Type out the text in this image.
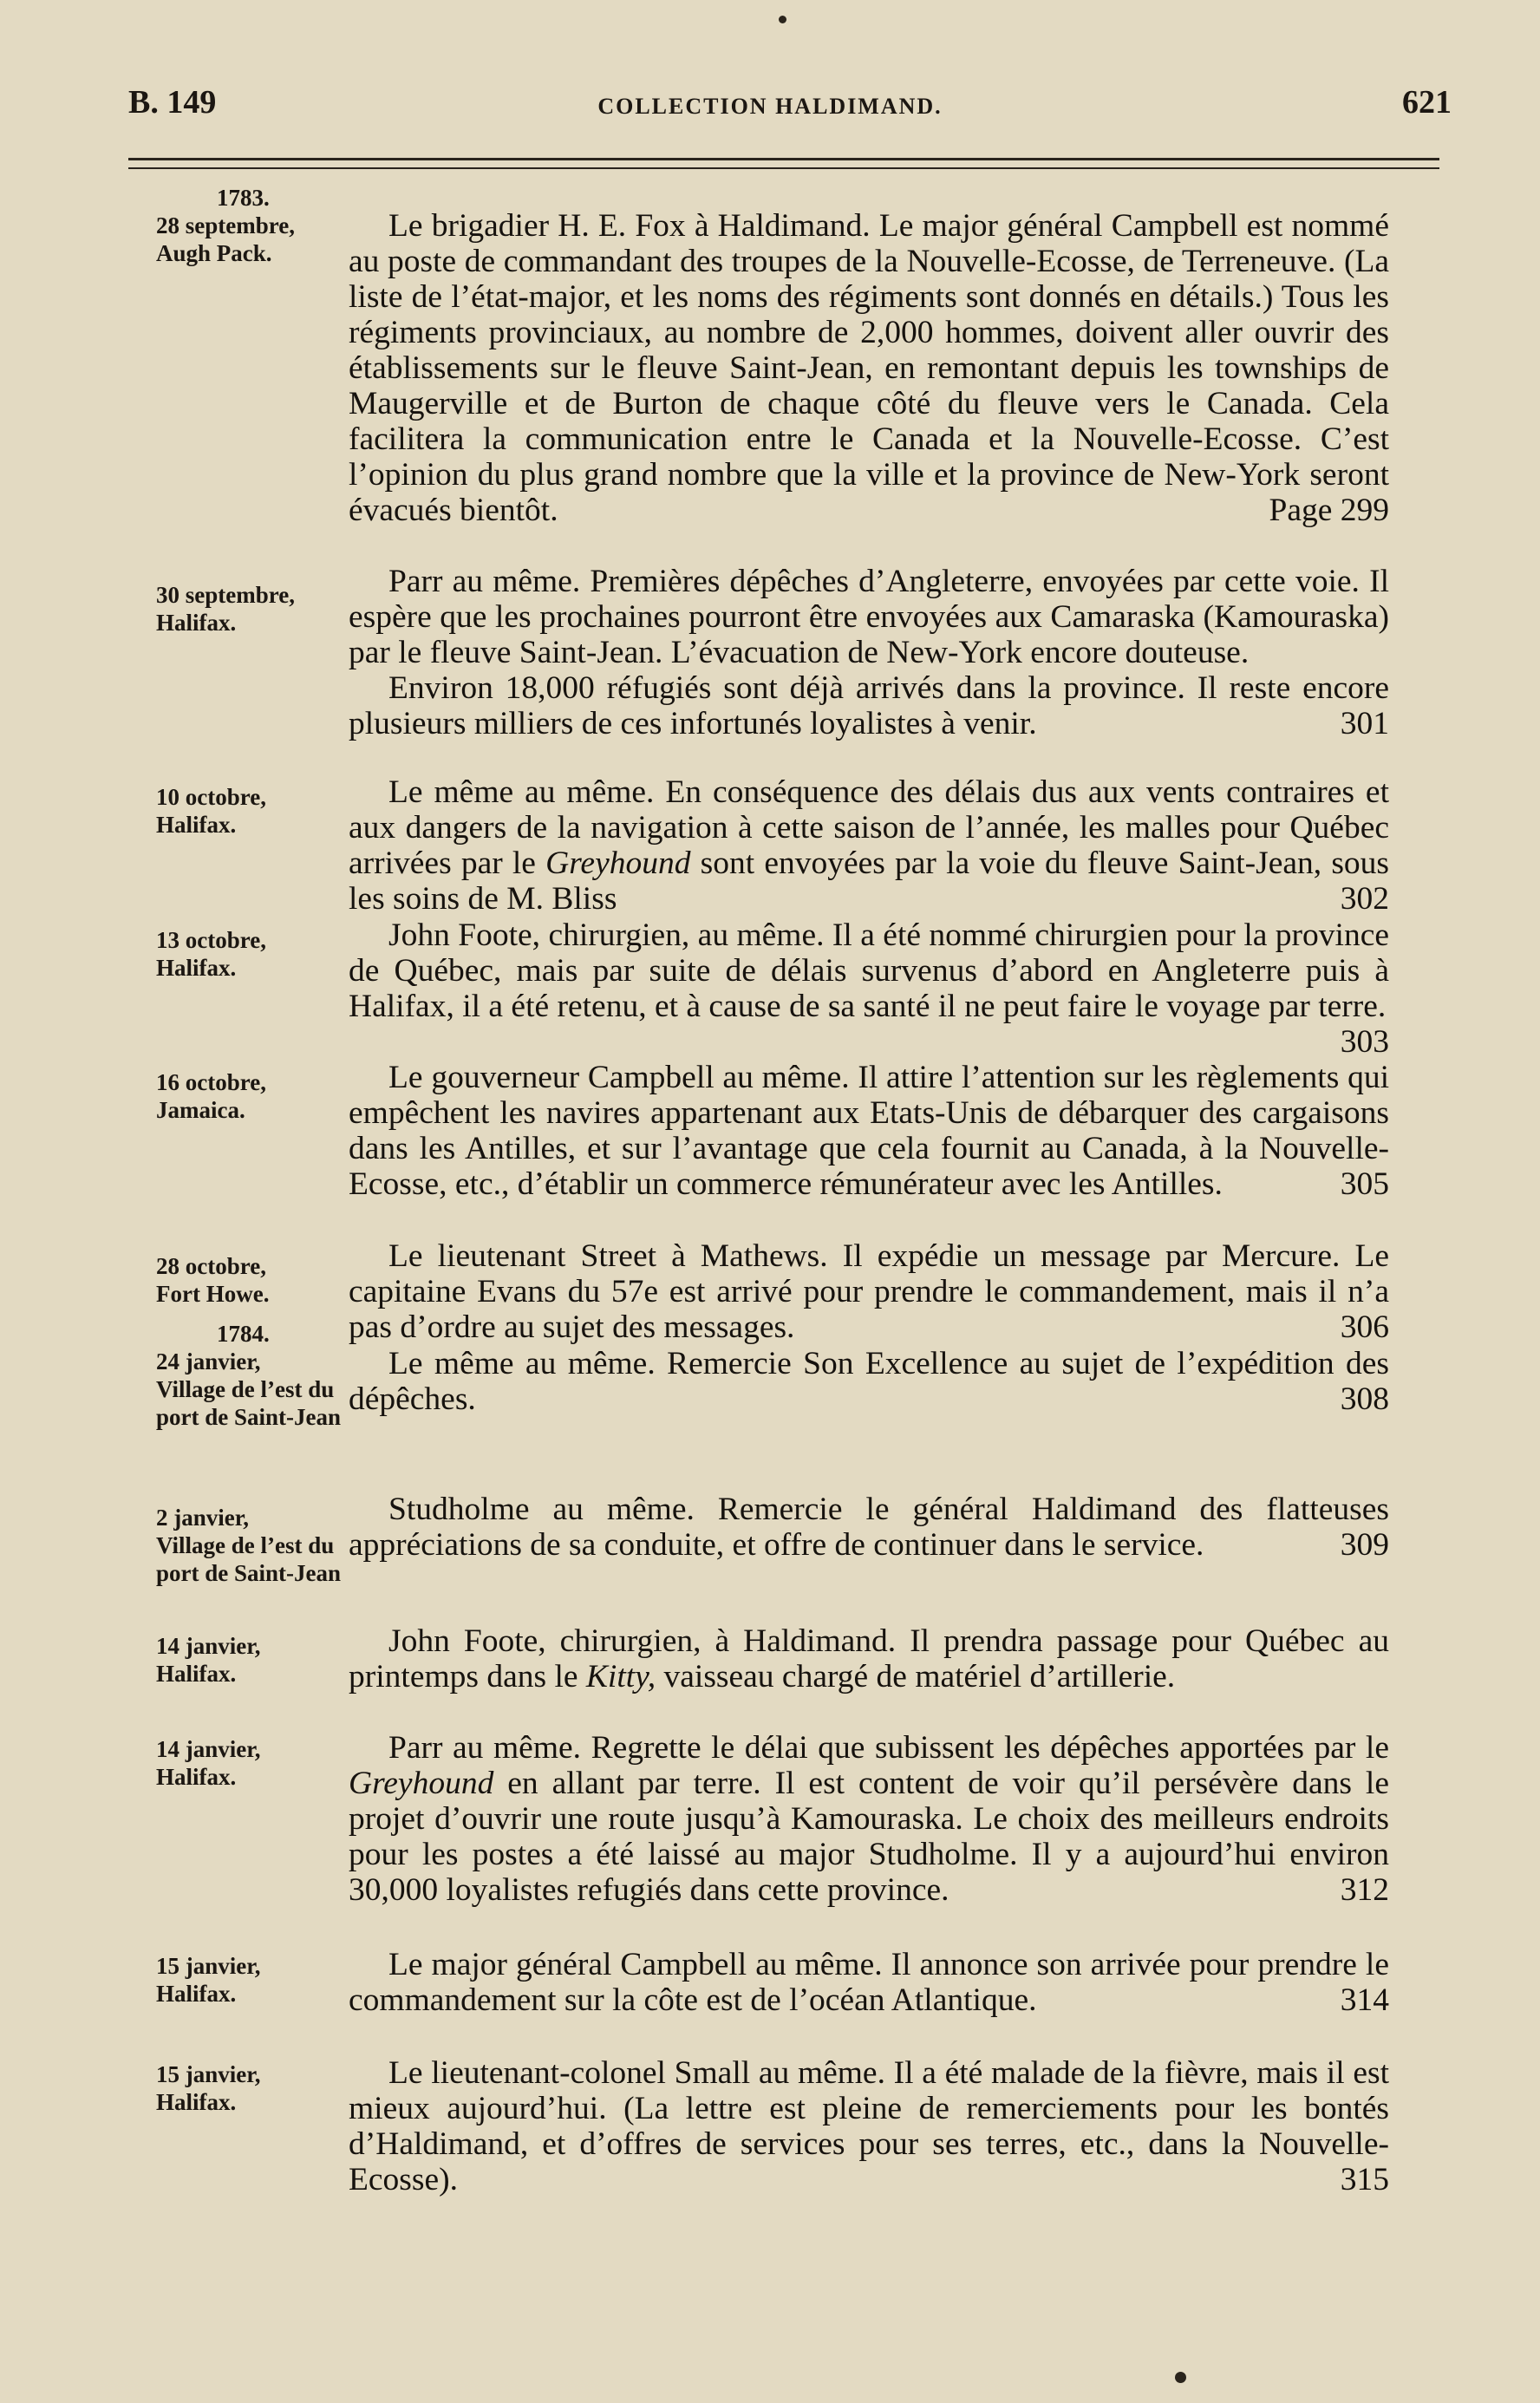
B. 149	COLLECTION HALDIMAND.	621
1783.
28 septembre,
Augh Pack.

Le brigadier H. E. Fox à Haldimand. Le major général Campbell est nommé au poste de commandant des troupes de la Nouvelle-Ecosse, de Terreneuve. (La liste de l’état-major, et les noms des régiments sont donnés en détails.) Tous les régiments provinciaux, au nombre de 2,000 hommes, doivent aller ouvrir des établissements sur le fleuve Saint-Jean, en remontant depuis les townships de Maugerville et de Burton de chaque côté du fleuve vers le Canada. Cela facilitera la communication entre le Canada et la Nouvelle-Ecosse. C’est l’opinion du plus grand nombre que la ville et la province de New-York seront évacués bientôt.	Page 299

30 septembre,
Halifax.

Parr au même. Premières dépêches d’Angleterre, envoyées par cette voie. Il espère que les prochaines pourront être envoyées aux Camaraska (Kamouraska) par le fleuve Saint-Jean. L’évacuation de New-York encore douteuse.

Environ 18,000 réfugiés sont déjà arrivés dans la province. Il reste encore plusieurs milliers de ces infortunés loyalistes à venir.	301

10 octobre,
Halifax.

Le même au même. En conséquence des délais dus aux vents contraires et aux dangers de la navigation à cette saison de l’année, les malles pour Québec arrivées par le Greyhound sont envoyées par la voie du fleuve Saint-Jean, sous les soins de M. Bliss	302

13 octobre,
Halifax.

John Foote, chirurgien, au même. Il a été nommé chirurgien pour la province de Québec, mais par suite de délais survenus d’abord en Angleterre puis à Halifax, il a été retenu, et à cause de sa santé il ne peut faire le voyage par terre.
303

16 octobre,
Jamaica.

Le gouverneur Campbell au même. Il attire l’attention sur les règlements qui empêchent les navires appartenant aux Etats-Unis de débarquer des cargaisons dans les Antilles, et sur l’avantage que cela fournit au Canada, à la Nouvelle-Ecosse, etc., d’établir un commerce rémunérateur avec les Antilles.	305

28 octobre,
Fort Howe.

Le lieutenant Street à Mathews. Il expédie un message par Mercure. Le capitaine Evans du 57e est arrivé pour prendre le commandement, mais il n’a pas d’ordre au sujet des messages.	306

1784.
24 janvier,
Village de l’est du port de Saint-Jean

Le même au même. Remercie Son Excellence au sujet de l’expédition des dépêches.	308

2 janvier,
Village de l’est du port de Saint-Jean

Studholme au même. Remercie le général Haldimand des flatteuses appréciations de sa conduite, et offre de continuer dans le service.	309

14 janvier,
Halifax.

John Foote, chirurgien, à Haldimand. Il prendra passage pour Québec au printemps dans le Kitty, vaisseau chargé de matériel d’artillerie.

14 janvier,
Halifax.

Parr au même. Regrette le délai que subissent les dépêches apportées par le Greyhound en allant par terre. Il est content de voir qu’il persévère dans le projet d’ouvrir une route jusqu’à Kamouraska. Le choix des meilleurs endroits pour les postes a été laissé au major Studholme. Il y a aujourd’hui environ 30,000 loyalistes refugiés dans cette province.	312

15 janvier,
Halifax.

Le major général Campbell au même. Il annonce son arrivée pour prendre le commandement sur la côte est de l’océan Atlantique.	314

15 janvier,
Halifax.

Le lieutenant-colonel Small au même. Il a été malade de la fièvre, mais il est mieux aujourd’hui. (La lettre est pleine de remerciements pour les bontés d’Haldimand, et d’offres de services pour ses terres, etc., dans la Nouvelle-Ecosse).	315
